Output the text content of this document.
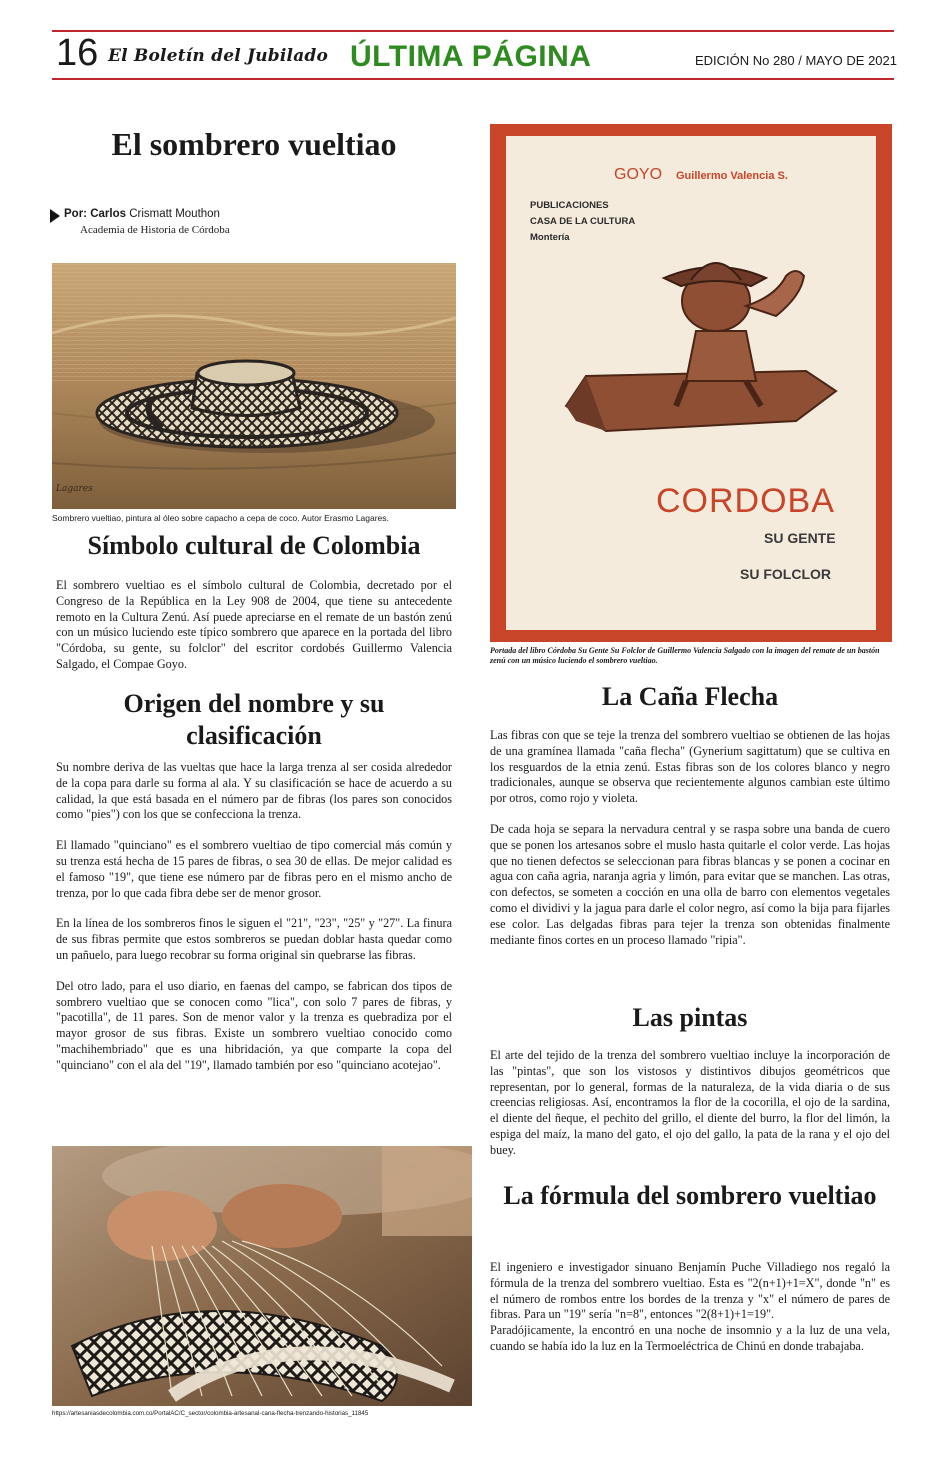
16 El Boletín del Jubilado ÚLTIMA PÁGINA	EDICIÓN No 280 / MAYO DE 2021
El sombrero vueltiao
Por: Carlos Crismatt Mouthon
Academia de Historia de Córdoba
Lagares
Sombrero vueltiao, pintura al óleo sobre capacho a cepa de coco. Autor Erasmo Lagares.
Símbolo cultural de Colombia

El sombrero vueltiao es el símbolo cultural de Colombia, decretado por el Congreso de la República en la Ley 908 de 2004, que tiene su antecedente remoto en la Cultura Zenú. Así puede apreciarse en el remate de un bastón zenú con un músico luciendo este típico sombrero que aparece en la portada del libro "Córdoba, su gente, su folclor" del escritor cordobés Guillermo Valencia Salgado, el Compae Goyo.

Origen del nombre y su clasificación

Su nombre deriva de las vueltas que hace la larga trenza al ser cosida alrededor de la copa para darle su forma al ala. Y su clasificación se hace de acuerdo a su calidad, la que está basada en el número par de fibras (los pares son conocidos como "pies") con los que se confecciona la trenza.

El llamado "quinciano" es el sombrero vueltiao de tipo comercial más común y su trenza está hecha de 15 pares de fibras, o sea 30 de ellas. De mejor calidad es el famoso "19", que tiene ese número par de fibras pero en el mismo ancho de trenza, por lo que cada fibra debe ser de menor grosor.

En la línea de los sombreros finos le siguen el "21", "23", "25" y "27". La finura de sus fibras permite que estos sombreros se puedan doblar hasta quedar como un pañuelo, para luego recobrar su forma original sin quebrarse las fibras.

Del otro lado, para el uso diario, en faenas del campo, se fabrican dos tipos de sombrero vueltiao que se conocen como "lica", con solo 7 pares de fibras, y "pacotilla", de 11 pares. Son de menor valor y la trenza es quebradiza por el mayor grosor de sus fibras. Existe un sombrero vueltiao conocido como "machihembriado" que es una hibridación, ya que comparte la copa del "quinciano" con el ala del "19", llamado también por eso "quinciano acotejao".

https://artesaniasdecolombia.com.co/PortalAC/C_sector/colombia-artesanal-cana-flecha-trenzando-historias_11845
GOYO Guillermo Valencia S.
PUBLICACIONES
CASA DE LA CULTURA
Montería
CORDOBA
SU GENTE
SU FOLCLOR
Portada del libro Córdoba Su Gente Su Folclor de Guillermo Valencia Salgado con la imagen del remate de un bastón zenú con un músico luciendo el sombrero vueltiao.
La Caña Flecha

Las fibras con que se teje la trenza del sombrero vueltiao se obtienen de las hojas de una gramínea llamada "caña flecha" (Gynerium sagittatum) que se cultiva en los resguardos de la etnia zenú. Estas fibras son de los colores blanco y negro tradicionales, aunque se observa que recientemente algunos cambian este último por otros, como rojo y violeta.

De cada hoja se separa la nervadura central y se raspa sobre una banda de cuero que se ponen los artesanos sobre el muslo hasta quitarle el color verde. Las hojas que no tienen defectos se seleccionan para fibras blancas y se ponen a cocinar en agua con caña agria, naranja agria y limón, para evitar que se manchen. Las otras, con defectos, se someten a cocción en una olla de barro con elementos vegetales como el dividivi y la jagua para darle el color negro, así como la bija para fijarles ese color. Las delgadas fibras para tejer la trenza son obtenidas finalmente mediante finos cortes en un proceso llamado "ripia".

Las pintas

El arte del tejido de la trenza del sombrero vueltiao incluye la incorporación de las "pintas", que son los vistosos y distintivos dibujos geométricos que representan, por lo general, formas de la naturaleza, de la vida diaria o de sus creencias religiosas. Así, encontramos la flor de la cocorilla, el ojo de la sardina, el diente del ñeque, el pechito del grillo, el diente del burro, la flor del limón, la espiga del maíz, la mano del gato, el ojo del gallo, la pata de la rana y el ojo del buey.

La fórmula del sombrero vueltiao

El ingeniero e investigador sinuano Benjamín Puche Villadiego nos regaló la fórmula de la trenza del sombrero vueltiao. Esta es "2(n+1)+1=X", donde "n" es el número de rombos entre los bordes de la trenza y "x" el número de pares de fibras. Para un "19" sería "n=8", entonces "2(8+1)+1=19".

Paradójicamente, la encontró en una noche de insomnio y a la luz de una vela, cuando se había ido la luz en la Termoeléctrica de Chinú en donde trabajaba.
